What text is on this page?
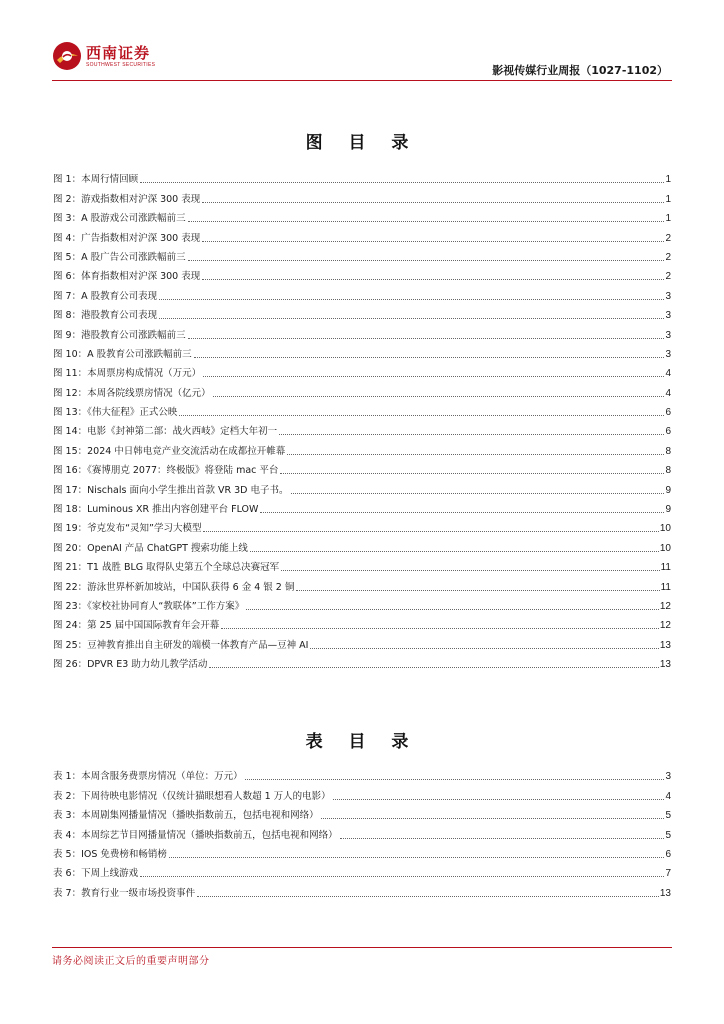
西南证券
SOUTHWEST SECURITIES	影视传媒行业周报（1027-1102）
图 目 录
图 1：本周行情回顾	1
图 2：游戏指数相对沪深 300 表现	1
图 3：A 股游戏公司涨跌幅前三	1
图 4：广告指数相对沪深 300 表现	2
图 5：A 股广告公司涨跌幅前三	2
图 6：体育指数相对沪深 300 表现	2
图 7：A 股教育公司表现	3
图 8：港股教育公司表现	3
图 9：港股教育公司涨跌幅前三	3
图 10：A 股教育公司涨跌幅前三	3
图 11：本周票房构成情况（万元）	4
图 12：本周各院线票房情况（亿元）	4
图 13：《伟大征程》正式公映	6
图 14：电影《封神第二部：战火西岐》定档大年初一	6
图 15：2024 中日韩电竞产业交流活动在成都拉开帷幕	8
图 16：《赛博朋克 2077：终极版》将登陆 mac 平台	8
图 17：Nischals 面向小学生推出首款 VR 3D 电子书。	9
图 18：Luminous XR 推出内容创建平台 FLOW	9
图 19：爷克发布“灵知”学习大模型	10
图 20：OpenAI 产品 ChatGPT 搜索功能上线	10
图 21：T1 战胜 BLG 取得队史第五个全球总决赛冠军	11
图 22：游泳世界杯新加坡站，中国队获得 6 金 4 银 2 铜	11
图 23：《家校社协同育人“教联体”工作方案》	12
图 24：第 25 届中国国际教育年会开幕	12
图 25：豆神教育推出自主研发的端模一体教育产品—豆神 AI	13
图 26：DPVR E3 助力幼儿教学活动	13
表 目 录
表 1：本周含服务费票房情况（单位：万元）	3
表 2：下周待映电影情况（仅统计猫眼想看人数超 1 万人的电影）	4
表 3：本周剧集网播量情况（播映指数前五，包括电视和网络）	5
表 4：本周综艺节目网播量情况（播映指数前五，包括电视和网络）	5
表 5：IOS 免费榜和畅销榜	6
表 6：下周上线游戏	7
表 7：教育行业一级市场投资事件	13
请务必阅读正文后的重要声明部分
